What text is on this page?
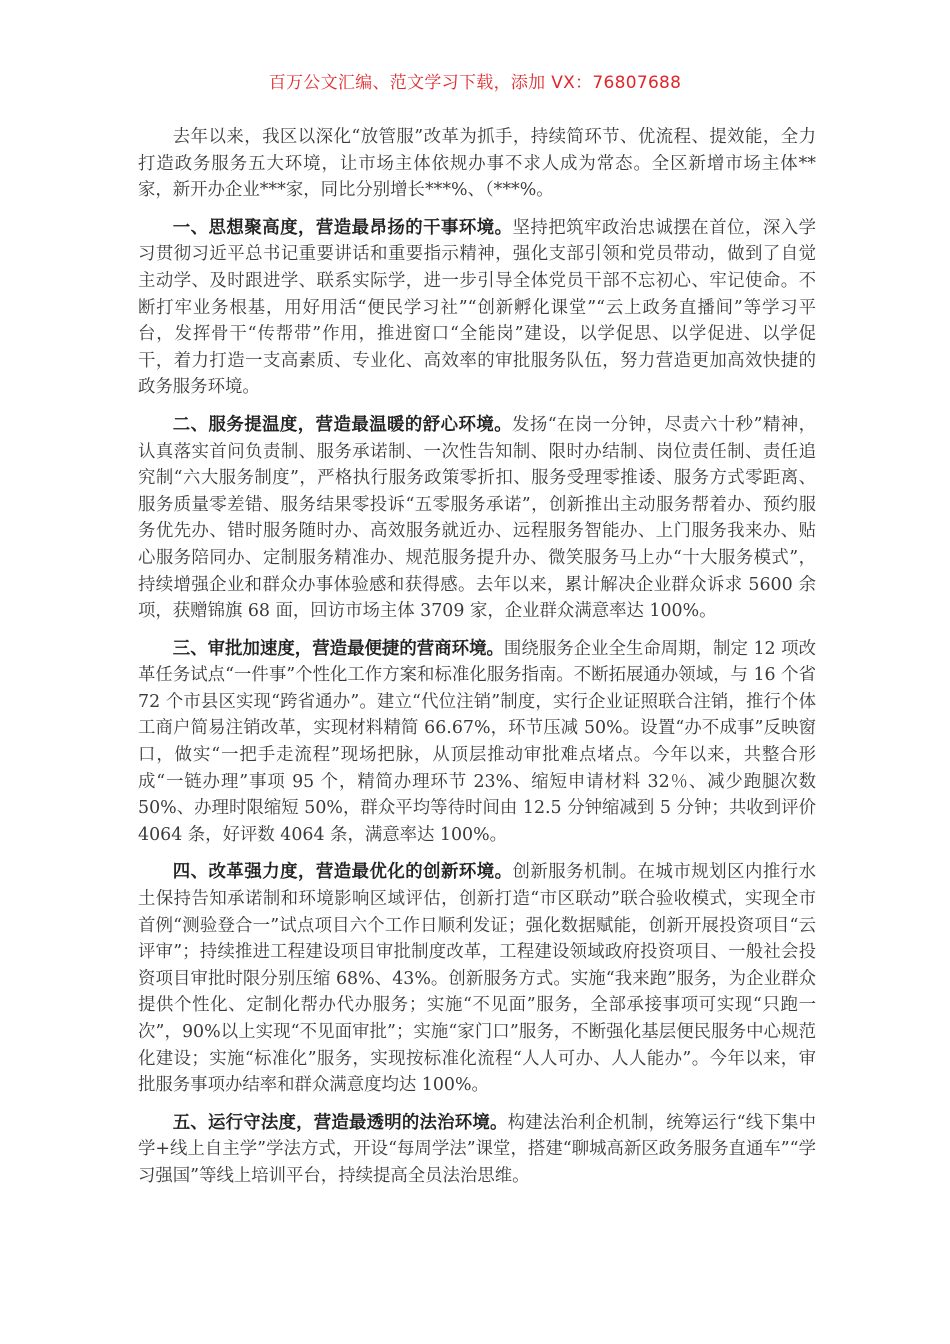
百万公文汇编、范文学习下载，添加 VX：76807688

去年以来，我区以深化“放管服”改革为抓手，持续简环节、优流程、提效能，全力打造政务服务五大环境，让市场主体依规办事不求人成为常态。全区新增市场主体**家，新开办企业***家，同比分别增长***%、（***%。

一、思想聚高度，营造最昂扬的干事环境。坚持把筑牢政治忠诚摆在首位，深入学习贯彻习近平总书记重要讲话和重要指示精神，强化支部引领和党员带动，做到了自觉主动学、及时跟进学、联系实际学，进一步引导全体党员干部不忘初心、牢记使命。不断打牢业务根基，用好用活“便民学习社”“创新孵化课堂”“云上政务直播间”等学习平台，发挥骨干“传帮带”作用，推进窗口“全能岗”建设，以学促思、以学促进、以学促干，着力打造一支高素质、专业化、高效率的审批服务队伍，努力营造更加高效快捷的政务服务环境。

二、服务提温度，营造最温暖的舒心环境。发扬“在岗一分钟，尽责六十秒”精神，认真落实首问负责制、服务承诺制、一次性告知制、限时办结制、岗位责任制、责任追究制“六大服务制度”，严格执行服务政策零折扣、服务受理零推诿、服务方式零距离、服务质量零差错、服务结果零投诉“五零服务承诺”，创新推出主动服务帮着办、预约服务优先办、错时服务随时办、高效服务就近办、远程服务智能办、上门服务我来办、贴心服务陪同办、定制服务精准办、规范服务提升办、微笑服务马上办“十大服务模式”， 持续增强企业和群众办事体验感和获得感。去年以来，累计解决企业群众诉求 5600 余项，获赠锦旗 68 面，回访市场主体 3709 家，企业群众满意率达 100%。

三、审批加速度，营造最便捷的营商环境。围绕服务企业全生命周期，制定 12 项改革任务试点“一件事”个性化工作方案和标准化服务指南。不断拓展通办领域，与 16 个省 72 个市县区实现“跨省通办”。建立“代位注销”制度，实行企业证照联合注销，推行个体工商户简易注销改革，实现材料精简 66.67%，环节压减 50%。设置“办不成事”反映窗口，做实“一把手走流程”现场把脉，从顶层推动审批难点堵点。今年以来，共整合形成“一链办理”事项 95 个，精简办理环节 23%、缩短申请材料 32％、减少跑腿次数 50%、办理时限缩短 50%，群众平均等待时间由 12.5 分钟缩减到 5 分钟；共收到评价 4064 条，好评数 4064 条，满意率达 100%。

四、改革强力度，营造最优化的创新环境。创新服务机制。在城市规划区内推行水土保持告知承诺制和环境影响区域评估，创新打造“市区联动”联合验收模式，实现全市首例“测验登合一”试点项目六个工作日顺利发证；强化数据赋能，创新开展投资项目“云评审”；持续推进工程建设项目审批制度改革，工程建设领域政府投资项目、一般社会投资项目审批时限分别压缩 68%、43%。创新服务方式。实施“我来跑”服务，为企业群众提供个性化、定制化帮办代办服务；实施“不见面”服务，全部承接事项可实现“只跑一次”，90%以上实现“不见面审批”；实施“家门口”服务，不断强化基层便民服务中心规范化建设；实施“标准化”服务，实现按标准化流程“人人可办、人人能办”。今年以来，审批服务事项办结率和群众满意度均达 100%。

五、运行守法度，营造最透明的法治环境。构建法治利企机制，统筹运行“线下集中学+线上自主学”学法方式，开设“每周学法”课堂，搭建“聊城高新区政务服务直通车”“学习强国”等线上培训平台，持续提高全员法治思维。
